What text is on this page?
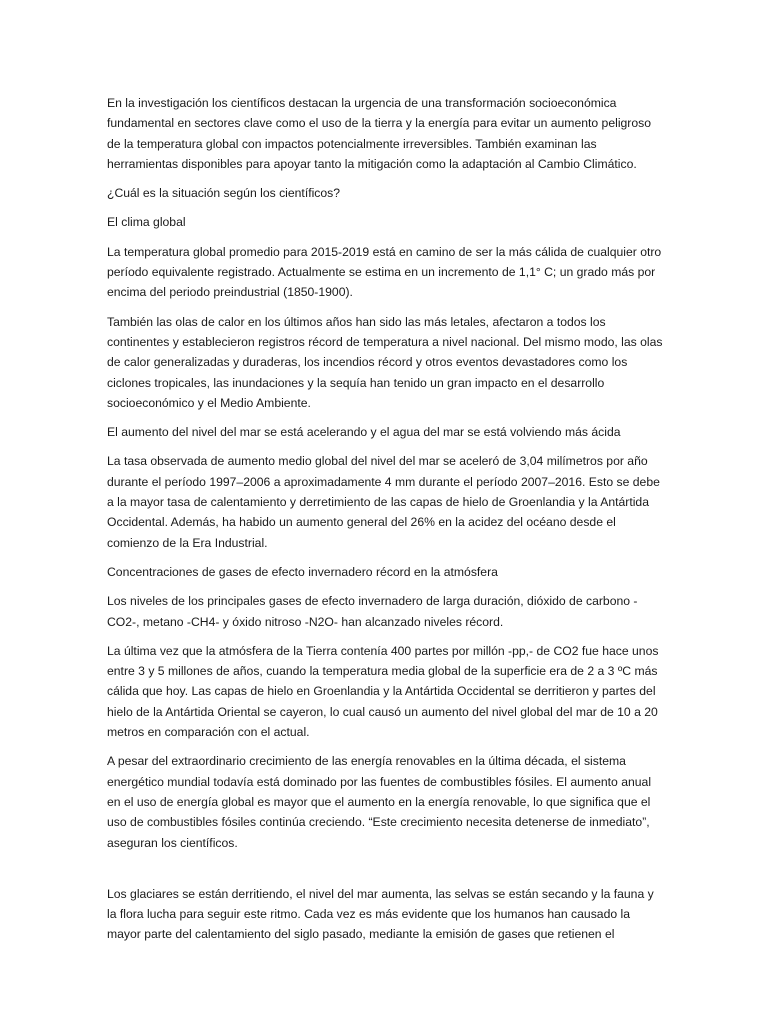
En la investigación los científicos destacan la urgencia de una transformación socioeconómica fundamental en sectores clave como el uso de la tierra y la energía para evitar un aumento peligroso de la temperatura global con impactos potencialmente irreversibles. También examinan las herramientas disponibles para apoyar tanto la mitigación como la adaptación al Cambio Climático.

¿Cuál es la situación según los científicos?

El clima global

La temperatura global promedio para 2015-2019 está en camino de ser la más cálida de cualquier otro período equivalente registrado. Actualmente se estima en un incremento de 1,1° C; un grado más por encima del periodo preindustrial (1850-1900).

También las olas de calor en los últimos años han sido las más letales, afectaron a todos los continentes y establecieron registros récord de temperatura a nivel nacional. Del mismo modo, las olas de calor generalizadas y duraderas, los incendios récord y otros eventos devastadores como los ciclones tropicales, las inundaciones y la sequía han tenido un gran impacto en el desarrollo socioeconómico y el Medio Ambiente.

El aumento del nivel del mar se está acelerando y el agua del mar se está volviendo más ácida

La tasa observada de aumento medio global del nivel del mar se aceleró de 3,04 milímetros por año durante el período 1997–2006 a aproximadamente 4 mm durante el período 2007–2016. Esto se debe a la mayor tasa de calentamiento y derretimiento de las capas de hielo de Groenlandia y la Antártida Occidental. Además, ha habido un aumento general del 26% en la acidez del océano desde el comienzo de la Era Industrial.

Concentraciones de gases de efecto invernadero récord en la atmósfera

Los niveles de los principales gases de efecto invernadero de larga duración, dióxido de carbono -CO2-, metano -CH4- y óxido nitroso -N2O- han alcanzado niveles récord.

La última vez que la atmósfera de la Tierra contenía 400 partes por millón -pp,- de CO2 fue hace unos entre 3 y 5 millones de años, cuando la temperatura media global de la superficie era de 2 a 3 ºC más cálida que hoy. Las capas de hielo en Groenlandia y la Antártida Occidental se derritieron y partes del hielo de la Antártida Oriental se cayeron, lo cual causó un aumento del nivel global del mar de 10 a 20 metros en comparación con el actual.

A pesar del extraordinario crecimiento de las energía renovables en la última década, el sistema energético mundial todavía está dominado por las fuentes de combustibles fósiles. El aumento anual en el uso de energía global es mayor que el aumento en la energía renovable, lo que significa que el uso de combustibles fósiles continúa creciendo. “Este crecimiento necesita detenerse de inmediato”, aseguran los científicos.

Los glaciares se están derritiendo, el nivel del mar aumenta, las selvas se están secando y la fauna y la flora lucha para seguir este ritmo. Cada vez es más evidente que los humanos han causado la mayor parte del calentamiento del siglo pasado, mediante la emisión de gases que retienen el
